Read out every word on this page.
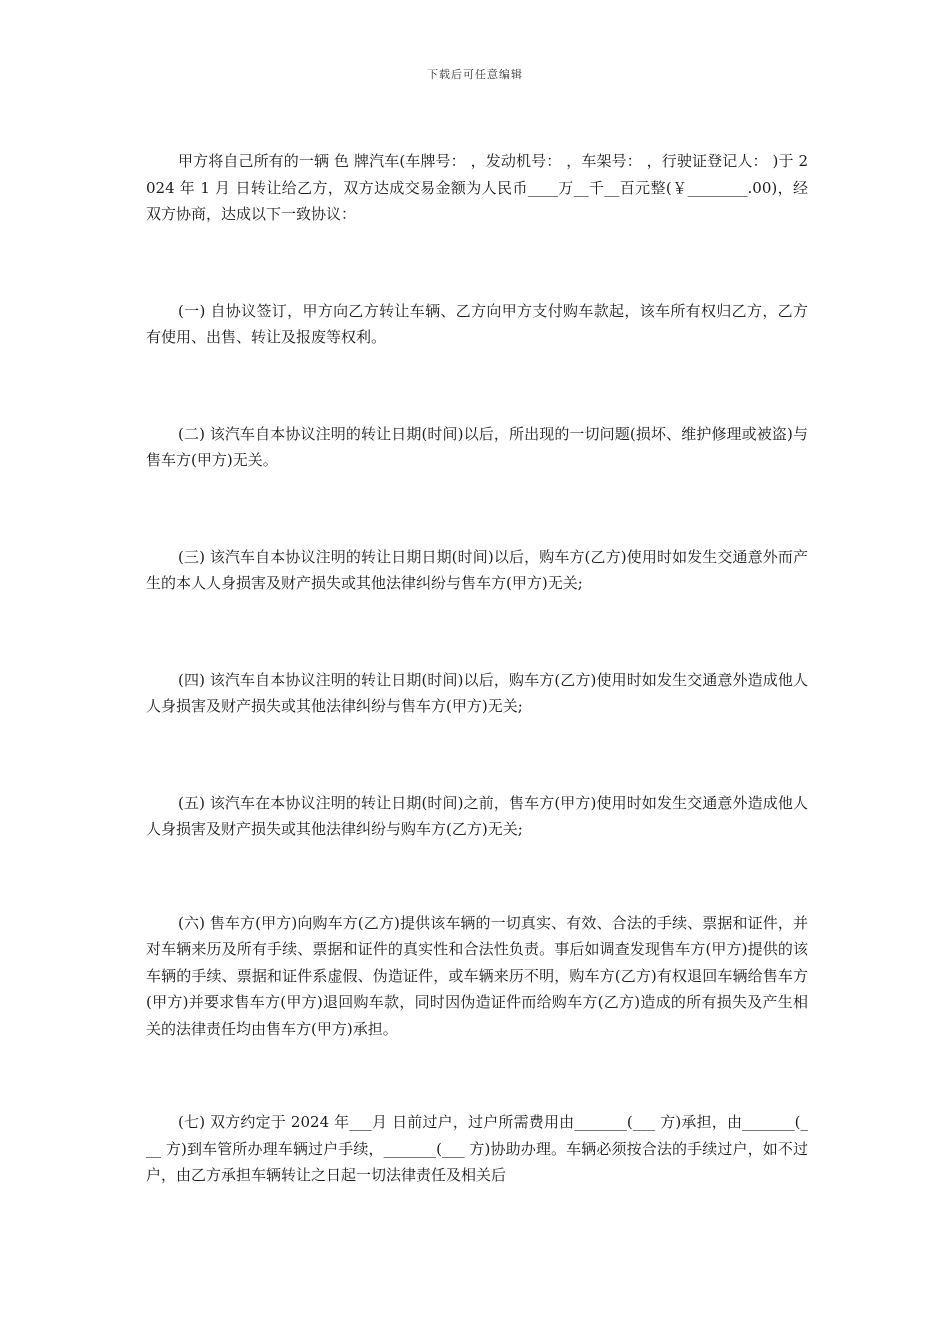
下载后可任意编辑

甲方将自己所有的一辆 色 牌汽车(车牌号： ，发动机号： ，车架号： ，行驶证登记人： )于 2024 年 1 月 日转让给乙方，双方达成交易金额为人民币____万__千__百元整(￥________.00)，经双方协商，达成以下一致协议：

(一) 自协议签订，甲方向乙方转让车辆、乙方向甲方支付购车款起，该车所有权归乙方，乙方有使用、出售、转让及报废等权利。

(二) 该汽车自本协议注明的转让日期(时间)以后，所出现的一切问题(损坏、维护修理或被盗)与售车方(甲方)无关。

(三) 该汽车自本协议注明的转让日期日期(时间)以后，购车方(乙方)使用时如发生交通意外而产生的本人人身损害及财产损失或其他法律纠纷与售车方(甲方)无关;

(四) 该汽车自本协议注明的转让日期(时间)以后，购车方(乙方)使用时如发生交通意外造成他人人身损害及财产损失或其他法律纠纷与售车方(甲方)无关;

(五) 该汽车在本协议注明的转让日期(时间)之前，售车方(甲方)使用时如发生交通意外造成他人人身损害及财产损失或其他法律纠纷与购车方(乙方)无关;

(六) 售车方(甲方)向购车方(乙方)提供该车辆的一切真实、有效、合法的手续、票据和证件，并对车辆来历及所有手续、票据和证件的真实性和合法性负责。事后如调查发现售车方(甲方)提供的该车辆的手续、票据和证件系虚假、伪造证件，或车辆来历不明，购车方(乙方)有权退回车辆给售车方(甲方)并要求售车方(甲方)退回购车款，同时因伪造证件而给购车方(乙方)造成的所有损失及产生相关的法律责任均由售车方(甲方)承担。

(七) 双方约定于 2024 年___月 日前过户，过户所需费用由_______(___ 方)承担，由_______(___ 方)到车管所办理车辆过户手续，_______(___ 方)协助办理。车辆必须按合法的手续过户，如不过户，由乙方承担车辆转让之日起一切法律责任及相关后
